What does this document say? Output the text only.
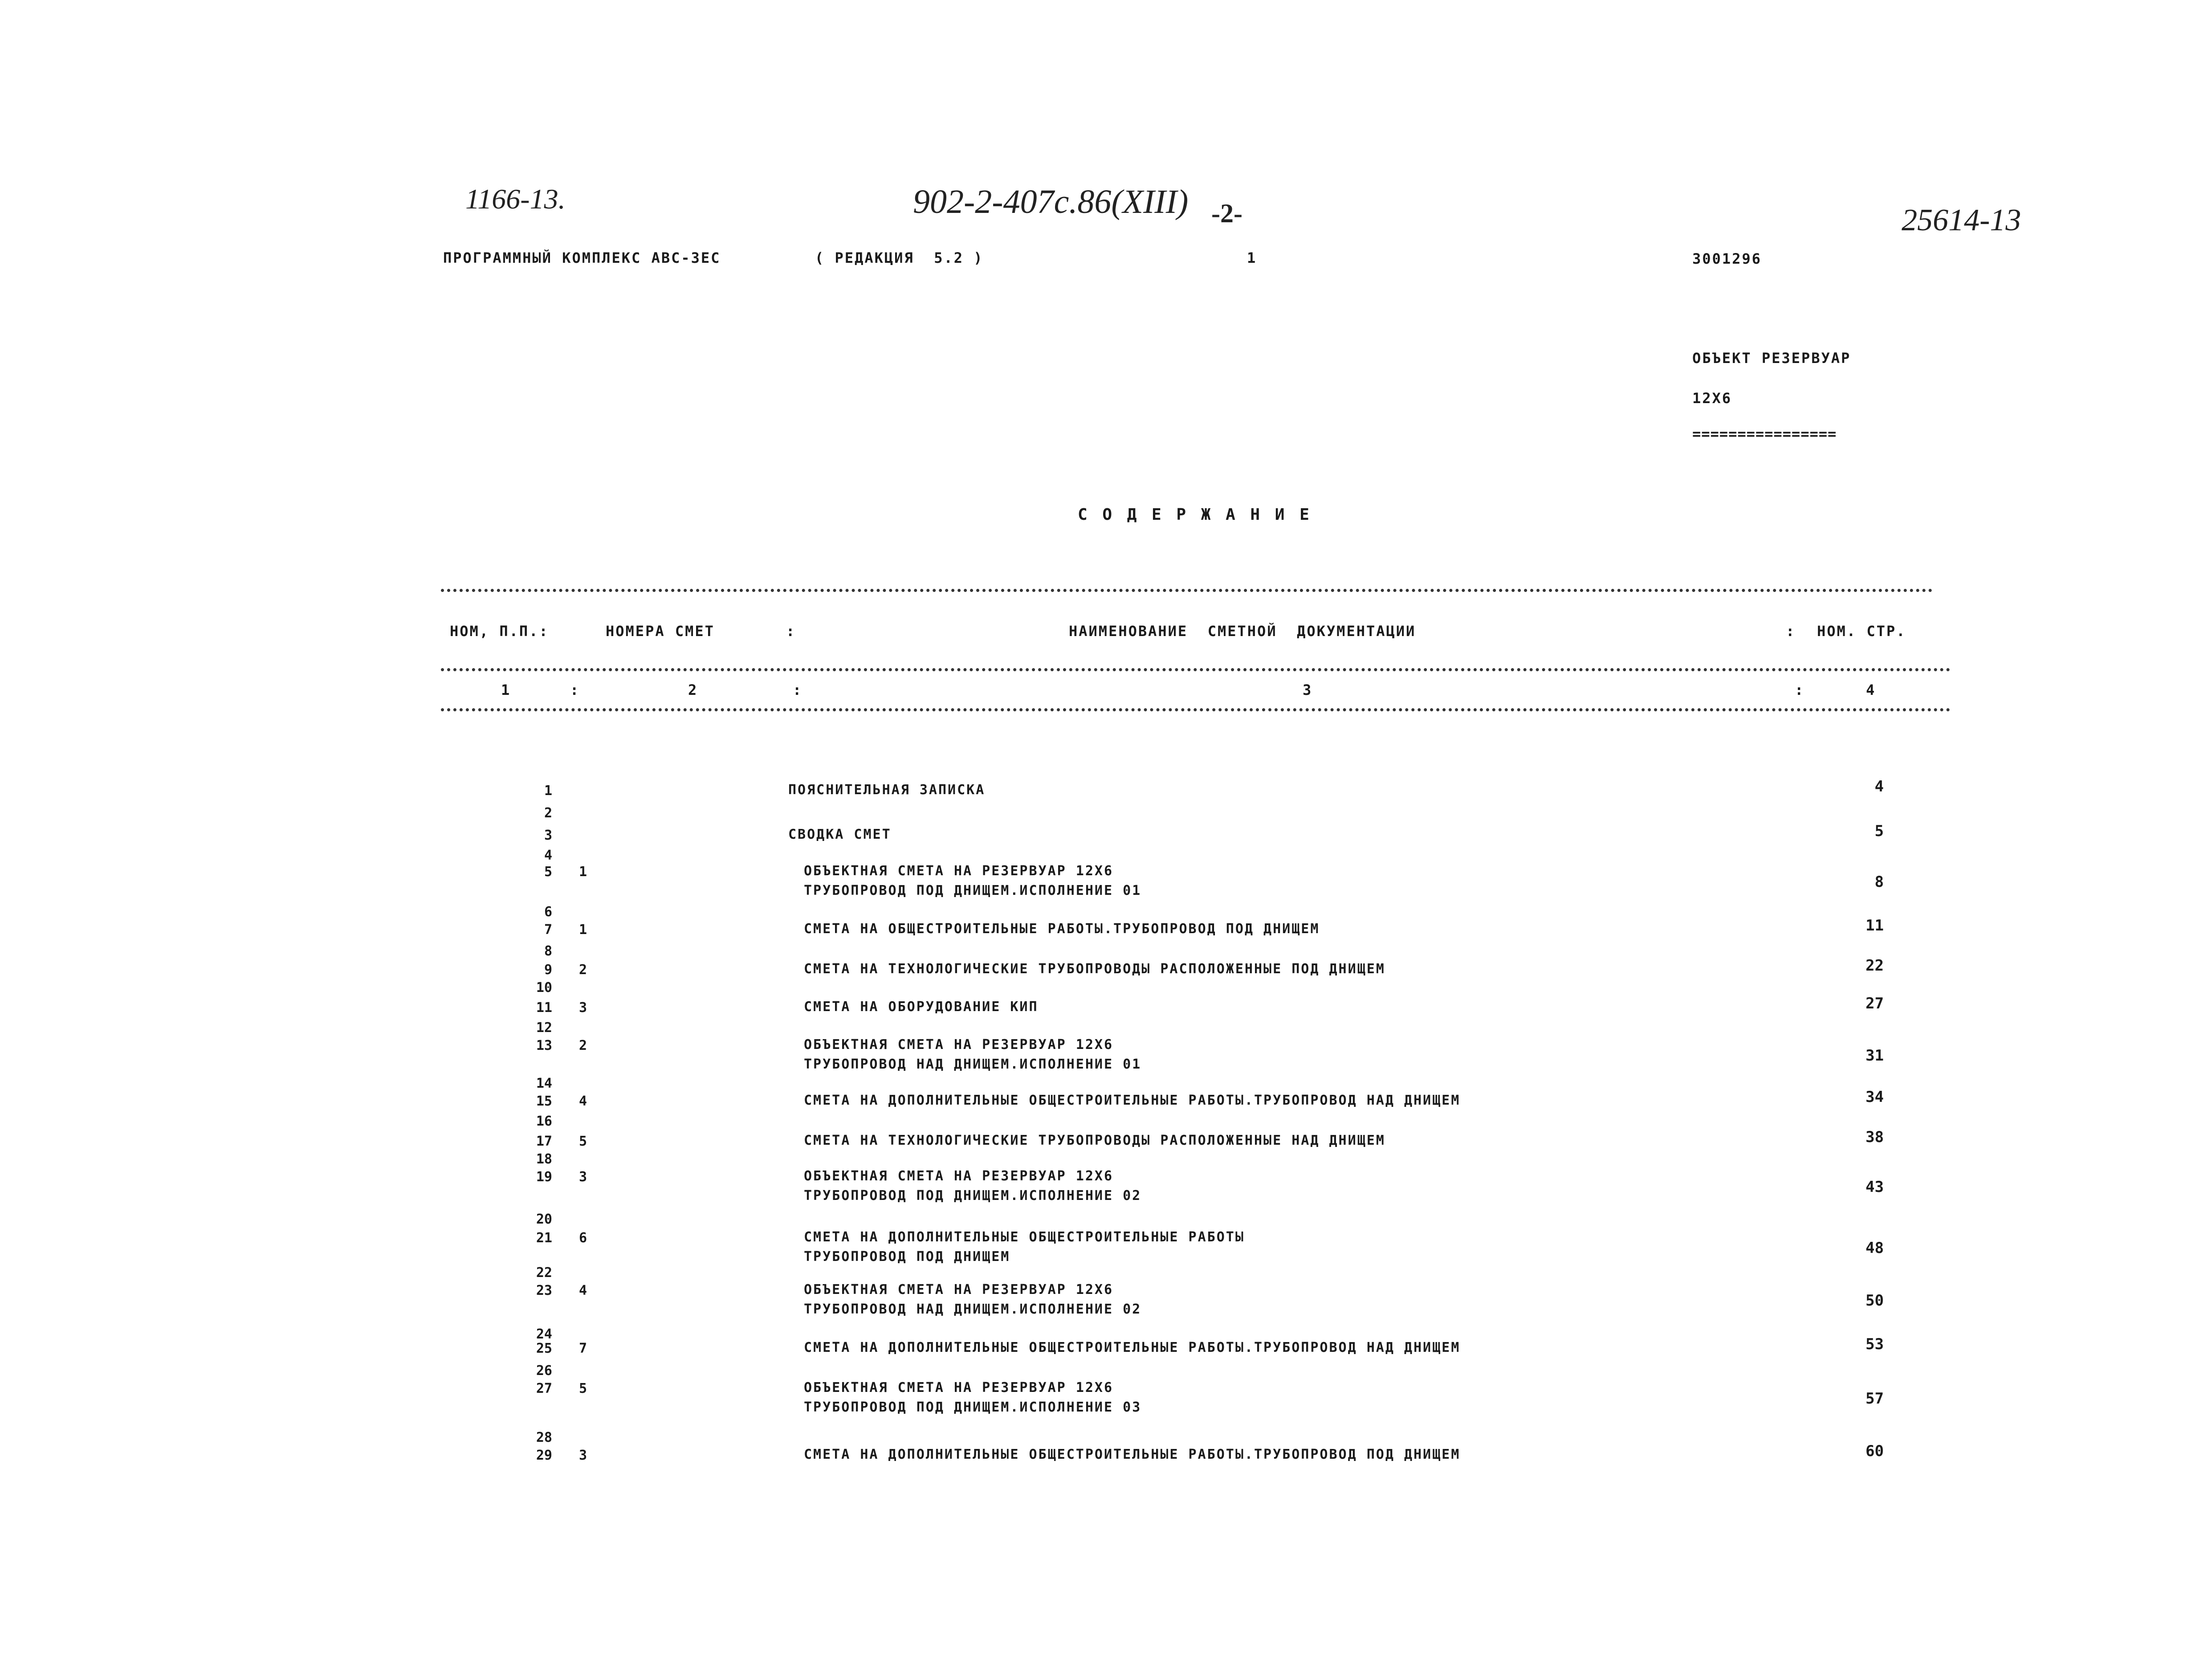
1166-13.	902-2-407с.86(XIII) -2-	25614-13
ПРОГРАММНЫЙ КОМПЛЕКС АВС-ЗЕС	( РЕДАКЦИЯ  5.2 )	1	3001296
ОБЪЕКТ РЕЗЕРВУАР
12Х6
================
С О Д Е Р Ж А Н И Е
НОМ, П.П.:	НОМЕРА СМЕТ	:	НАИМЕНОВАНИЕ  СМЕТНОЙ  ДОКУМЕНТАЦИИ	: НОМ. СТР.
1	:	2	:	3	:	4
1	ПОЯСНИТЕЛЬНАЯ ЗАПИСКА	4
2
3	СВОДКА СМЕТ	5
4
5 1	ОБЪЕКТНАЯ СМЕТА НА РЕЗЕРВУАР 12Х6
ТРУБОПРОВОД ПОД ДНИЩЕМ.ИСПОЛНЕНИЕ 01	8
6
7 1	СМЕТА НА ОБЩЕСТРОИТЕЛЬНЫЕ РАБОТЫ.ТРУБОПРОВОД ПОД ДНИЩЕМ	11
8
9 2	СМЕТА НА ТЕХНОЛОГИЧЕСКИЕ ТРУБОПРОВОДЫ РАСПОЛОЖЕННЫЕ ПОД ДНИЩЕМ	22
10
11 3	СМЕТА НА ОБОРУДОВАНИЕ КИП	27
12
13 2	ОБЪЕКТНАЯ СМЕТА НА РЕЗЕРВУАР 12Х6
ТРУБОПРОВОД НАД ДНИЩЕМ.ИСПОЛНЕНИЕ 01	31
14
15 4	СМЕТА НА ДОПОЛНИТЕЛЬНЫЕ ОБЩЕСТРОИТЕЛЬНЫЕ РАБОТЫ.ТРУБОПРОВОД НАД ДНИЩЕМ	34
16
17 5	СМЕТА НА ТЕХНОЛОГИЧЕСКИЕ ТРУБОПРОВОДЫ РАСПОЛОЖЕННЫЕ НАД ДНИЩЕМ	38
18
19 3	ОБЪЕКТНАЯ СМЕТА НА РЕЗЕРВУАР 12Х6
ТРУБОПРОВОД ПОД ДНИЩЕМ.ИСПОЛНЕНИЕ 02	43
20
21 6	СМЕТА НА ДОПОЛНИТЕЛЬНЫЕ ОБЩЕСТРОИТЕЛЬНЫЕ РАБОТЫ
ТРУБОПРОВОД ПОД ДНИЩЕМ	48
22
23 4	ОБЪЕКТНАЯ СМЕТА НА РЕЗЕРВУАР 12Х6
ТРУБОПРОВОД НАД ДНИЩЕМ.ИСПОЛНЕНИЕ 02	50
24
25 7	СМЕТА НА ДОПОЛНИТЕЛЬНЫЕ ОБЩЕСТРОИТЕЛЬНЫЕ РАБОТЫ.ТРУБОПРОВОД НАД ДНИЩЕМ	53
26
27 5	ОБЪЕКТНАЯ СМЕТА НА РЕЗЕРВУАР 12Х6
ТРУБОПРОВОД ПОД ДНИЩЕМ.ИСПОЛНЕНИЕ 03	57
28
29 3	СМЕТА НА ДОПОЛНИТЕЛЬНЫЕ ОБЩЕСТРОИТЕЛЬНЫЕ РАБОТЫ.ТРУБОПРОВОД ПОД ДНИЩЕМ	60
